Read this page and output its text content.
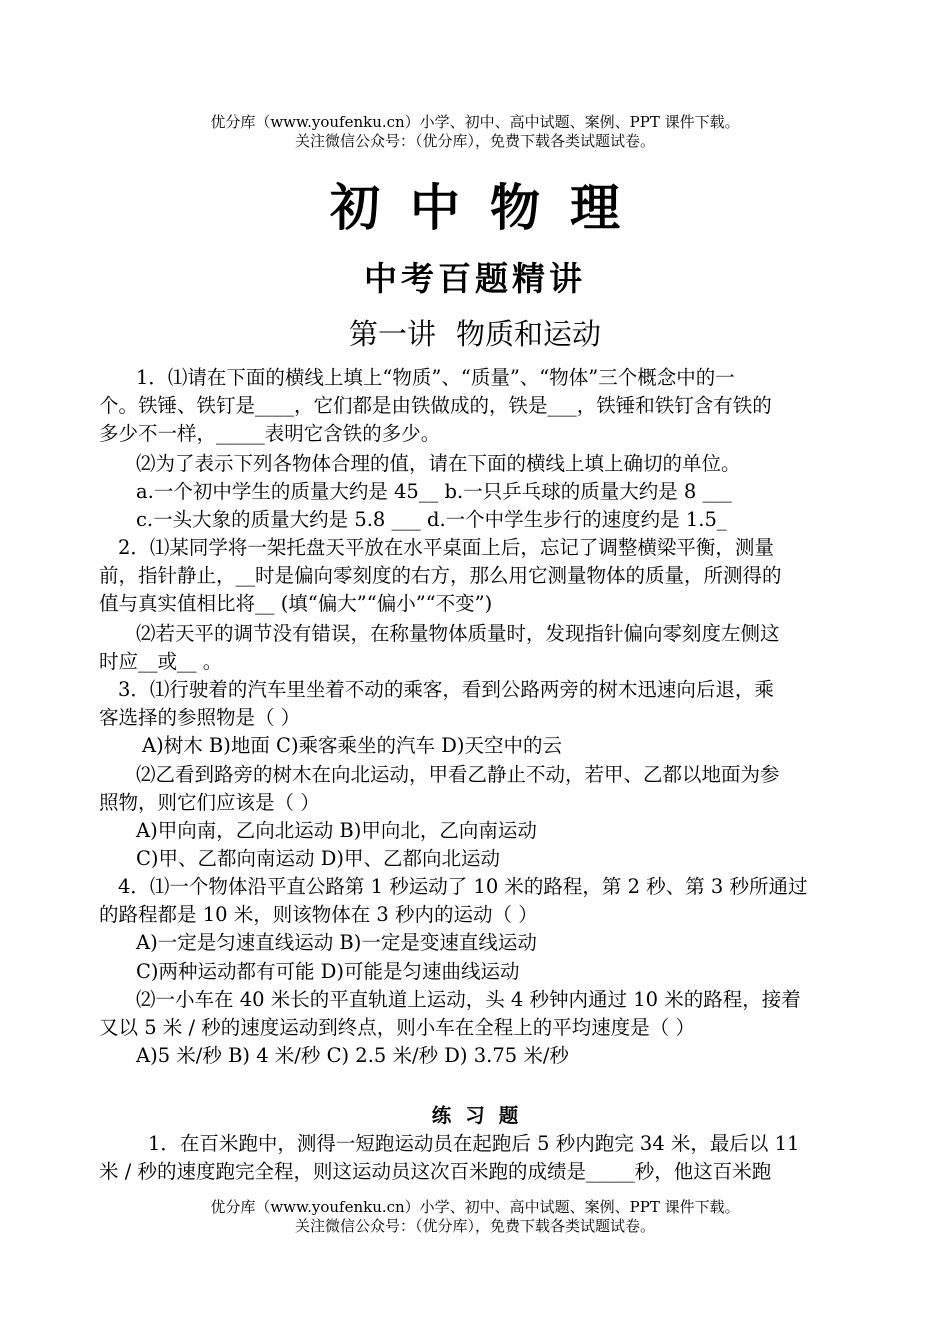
优分库（www.youfenku.cn）小学、初中、高中试题、案例、PPT 课件下载。
关注微信公众号：（优分库），免费下载各类试题试卷。
初中物理
中考百题精讲
第一讲 物质和运动
1．⑴请在下面的横线上填上“物质”、“质量”、“物体”三个概念中的一
个。铁锤、铁钉是____，它们都是由铁做成的，铁是___，铁锤和铁钉含有铁的
多少不一样，_____表明它含铁的多少。
⑵为了表示下列各物体合理的值，请在下面的横线上填上确切的单位。
a.一个初中学生的质量大约是 45__ b.一只乒乓球的质量大约是 8 ___
c.一头大象的质量大约是 5.8 ___ d.一个中学生步行的速度约是 1.5_
2．⑴某同学将一架托盘天平放在水平桌面上后，忘记了调整横梁平衡，测量
前，指针静止，__时是偏向零刻度的右方，那么用它测量物体的质量，所测得的
值与真实值相比将__ (填“偏大”“偏小”“不变”)
⑵若天平的调节没有错误，在称量物体质量时，发现指针偏向零刻度左侧这
时应__或__ 。
3．⑴行驶着的汽车里坐着不动的乘客，看到公路两旁的树木迅速向后退，乘
客选择的参照物是（ ）
A)树木 B)地面 C)乘客乘坐的汽车 D)天空中的云
⑵乙看到路旁的树木在向北运动，甲看乙静止不动，若甲、乙都以地面为参
照物，则它们应该是（ ）
A)甲向南，乙向北运动 B)甲向北，乙向南运动
C)甲、乙都向南运动 D)甲、乙都向北运动
4．⑴一个物体沿平直公路第 1 秒运动了 10 米的路程，第 2 秒、第 3 秒所通过
的路程都是 10 米，则该物体在 3 秒内的运动（ ）
A)一定是匀速直线运动 B)一定是变速直线运动
C)两种运动都有可能 D)可能是匀速曲线运动
⑵一小车在 40 米长的平直轨道上运动，头 4 秒钟内通过 10 米的路程，接着
又以 5 米 / 秒的速度运动到终点，则小车在全程上的平均速度是（ ）
A)5 米/秒 B) 4 米/秒 C) 2.5 米/秒 D) 3.75 米/秒
练习题
1．在百米跑中，测得一短跑运动员在起跑后 5 秒内跑完 34 米，最后以 11
米 / 秒的速度跑完全程，则这运动员这次百米跑的成绩是_____秒，他这百米跑
优分库（www.youfenku.cn）小学、初中、高中试题、案例、PPT 课件下载。
关注微信公众号：（优分库），免费下载各类试题试卷。
